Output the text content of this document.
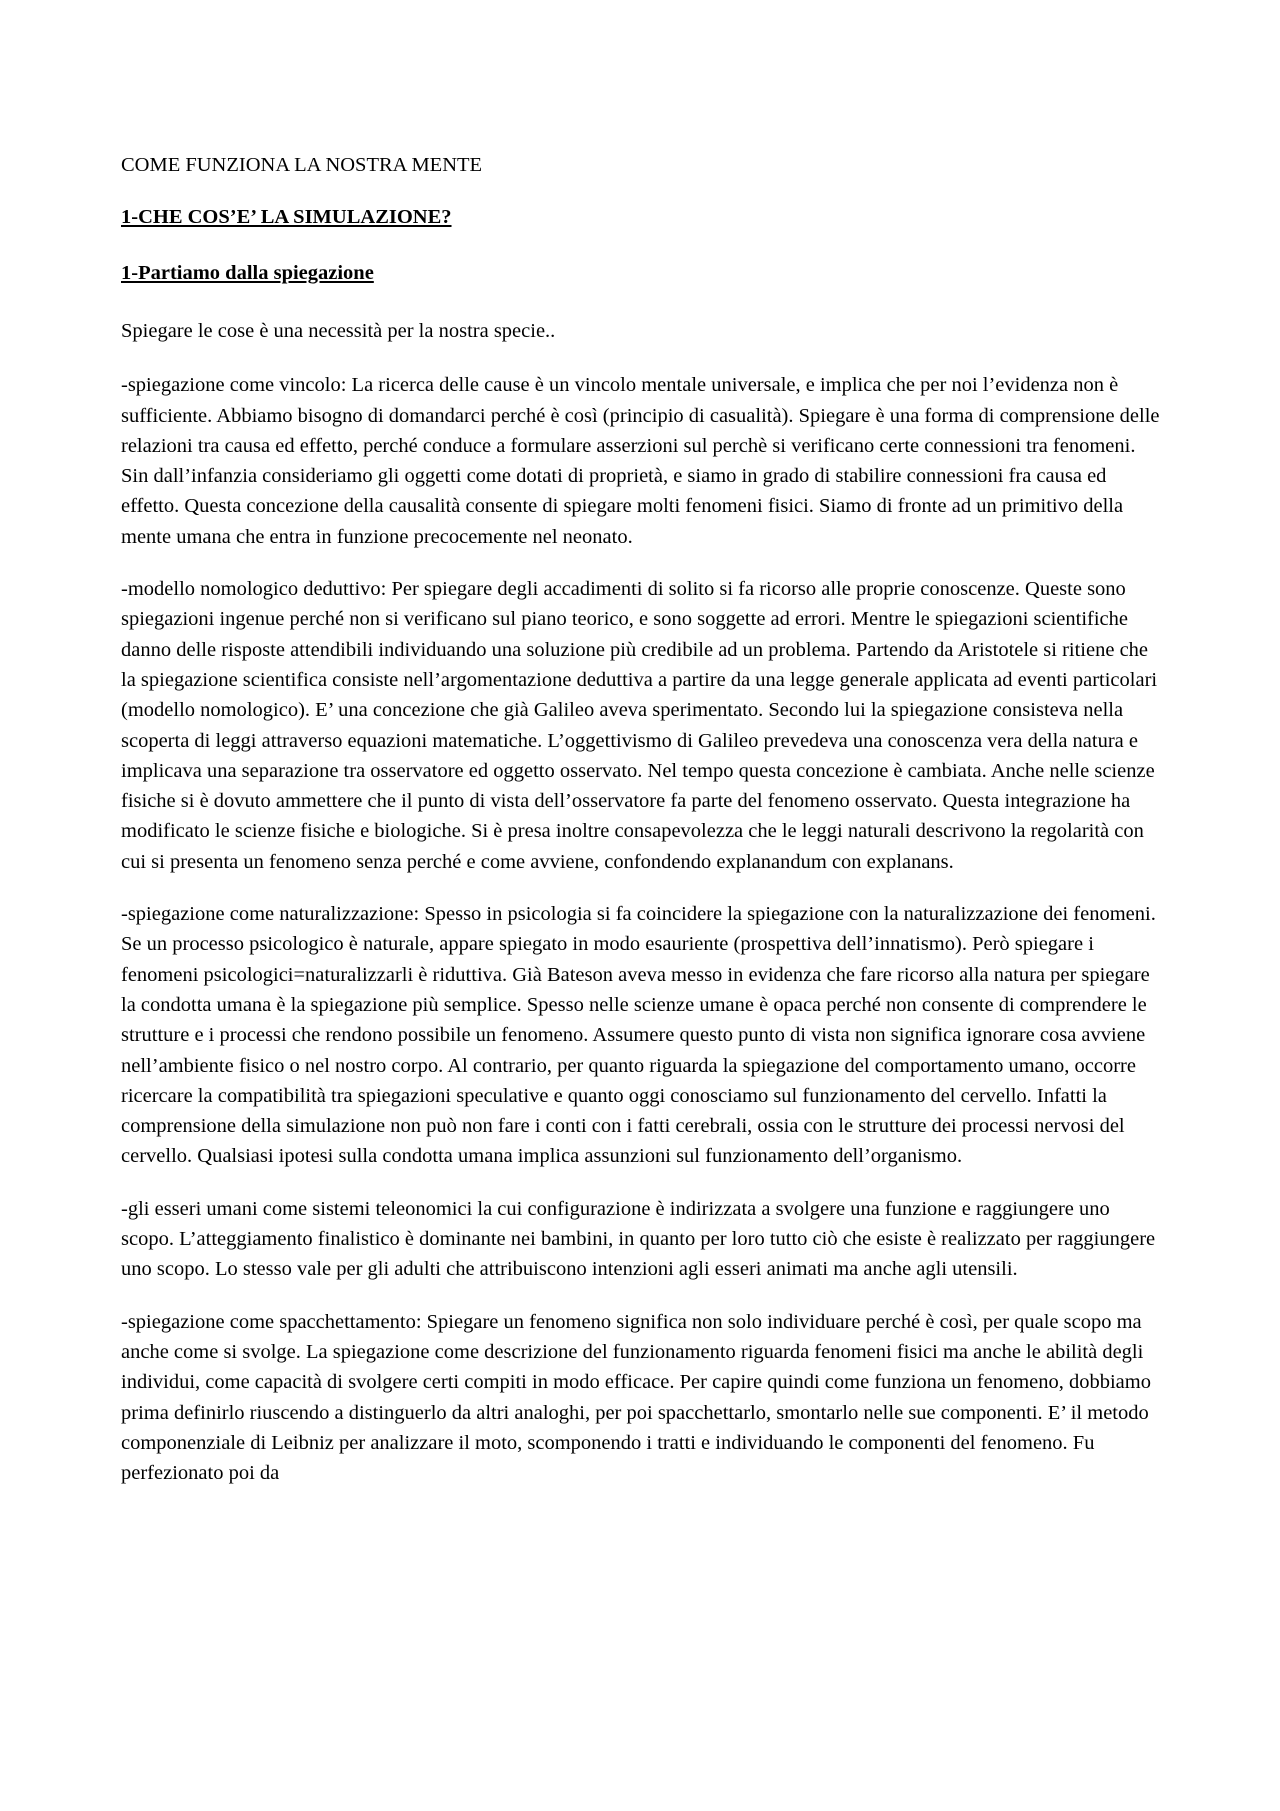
COME FUNZIONA LA NOSTRA MENTE
1-CHE COS’E’ LA SIMULAZIONE?
1-Partiamo dalla spiegazione

Spiegare le cose è una necessità per la nostra specie..

-spiegazione come vincolo: La ricerca delle cause è un vincolo mentale universale, e implica che per noi l’evidenza non è sufficiente. Abbiamo bisogno di domandarci perché è così (principio di casualità). Spiegare è una forma di comprensione delle relazioni tra causa ed effetto, perché conduce a formulare asserzioni sul perchè si verificano certe connessioni tra fenomeni. Sin dall’infanzia consideriamo gli oggetti come dotati di proprietà, e siamo in grado di stabilire connessioni fra causa ed effetto. Questa concezione della causalità consente di spiegare molti fenomeni fisici. Siamo di fronte ad un primitivo della mente umana che entra in funzione precocemente nel neonato.

-modello nomologico deduttivo: Per spiegare degli accadimenti di solito si fa ricorso alle proprie conoscenze. Queste sono spiegazioni ingenue perché non si verificano sul piano teorico, e sono soggette ad errori. Mentre le spiegazioni scientifiche danno delle risposte attendibili individuando una soluzione più credibile ad un problema. Partendo da Aristotele si ritiene che la spiegazione scientifica consiste nell’argomentazione deduttiva a partire da una legge generale applicata ad eventi particolari (modello nomologico). E’ una concezione che già Galileo aveva sperimentato. Secondo lui la spiegazione consisteva nella scoperta di leggi attraverso equazioni matematiche. L’oggettivismo di Galileo prevedeva una conoscenza vera della natura e implicava una separazione tra osservatore ed oggetto osservato. Nel tempo questa concezione è cambiata. Anche nelle scienze fisiche si è dovuto ammettere che il punto di vista dell’osservatore fa parte del fenomeno osservato. Questa integrazione ha modificato le scienze fisiche e biologiche. Si è presa inoltre consapevolezza che le leggi naturali descrivono la regolarità con cui si presenta un fenomeno senza perché e come avviene, confondendo explanandum con explanans.

-spiegazione come naturalizzazione: Spesso in psicologia si fa coincidere la spiegazione con la naturalizzazione dei fenomeni. Se un processo psicologico è naturale, appare spiegato in modo esauriente (prospettiva dell’innatismo). Però spiegare i fenomeni psicologici=naturalizzarli è riduttiva. Già Bateson aveva messo in evidenza che fare ricorso alla natura per spiegare la condotta umana è la spiegazione più semplice. Spesso nelle scienze umane è opaca perché non consente di comprendere le strutture e i processi che rendono possibile un fenomeno. Assumere questo punto di vista non significa ignorare cosa avviene nell’ambiente fisico o nel nostro corpo. Al contrario, per quanto riguarda la spiegazione del comportamento umano, occorre ricercare la compatibilità tra spiegazioni speculative e quanto oggi conosciamo sul funzionamento del cervello. Infatti la comprensione della simulazione non può non fare i conti con i fatti cerebrali, ossia con le strutture dei processi nervosi del cervello. Qualsiasi ipotesi sulla condotta umana implica assunzioni sul funzionamento dell’organismo.

-gli esseri umani come sistemi teleonomici la cui configurazione è indirizzata a svolgere una funzione e raggiungere uno scopo. L’atteggiamento finalistico è dominante nei bambini, in quanto per loro tutto ciò che esiste è realizzato per raggiungere uno scopo. Lo stesso vale per gli adulti che attribuiscono intenzioni agli esseri animati ma anche agli utensili.

-spiegazione come spacchettamento: Spiegare un fenomeno significa non solo individuare perché è così, per quale scopo ma anche come si svolge. La spiegazione come descrizione del funzionamento riguarda fenomeni fisici ma anche le abilità degli individui, come capacità di svolgere certi compiti in modo efficace. Per capire quindi come funziona un fenomeno, dobbiamo prima definirlo riuscendo a distinguerlo da altri analoghi, per poi spacchettarlo, smontarlo nelle sue componenti. E’ il metodo componenziale di Leibniz per analizzare il moto, scomponendo i tratti e individuando le componenti del fenomeno. Fu perfezionato poi da
